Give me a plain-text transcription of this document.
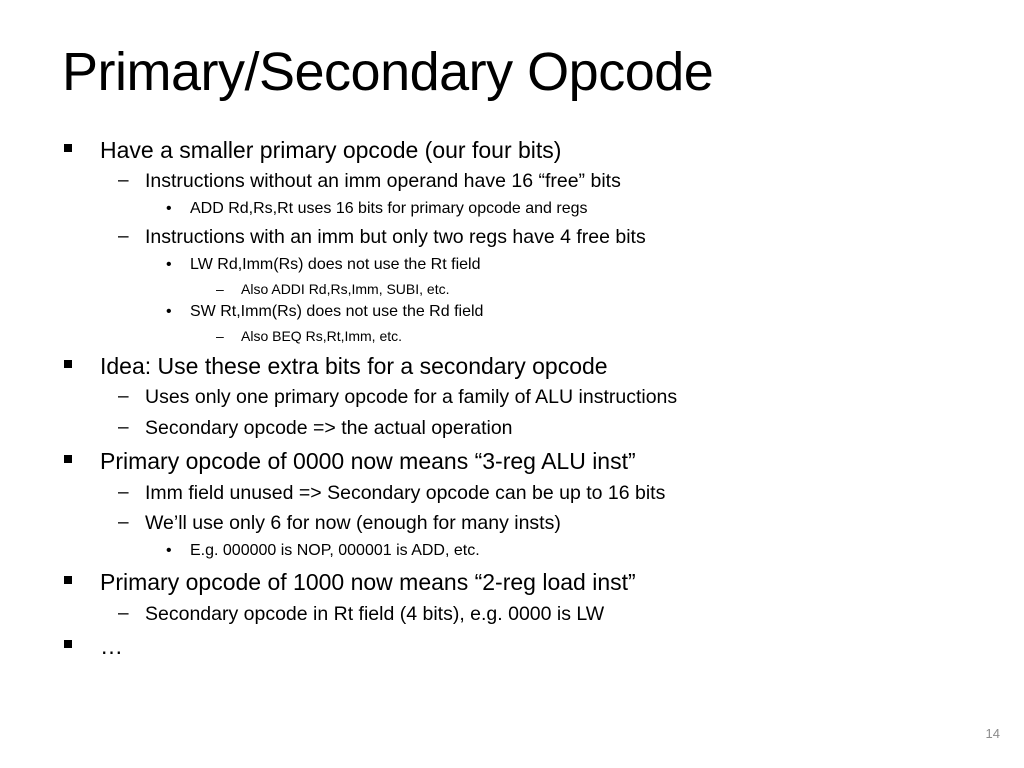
Primary/Secondary Opcode
Have a smaller primary opcode (our four bits)
– Instructions without an imm operand have 16 “free” bits
• ADD Rd,Rs,Rt uses 16 bits for primary opcode and regs
– Instructions with an imm but only two regs have 4 free bits
• LW Rd,Imm(Rs) does not use the Rt field
– Also ADDI Rd,Rs,Imm, SUBI, etc.
• SW Rt,Imm(Rs) does not use the Rd field
– Also BEQ Rs,Rt,Imm, etc.
Idea: Use these extra bits for a secondary opcode
– Uses only one primary opcode for a family of ALU instructions
– Secondary opcode => the actual operation
Primary opcode of 0000 now means “3-reg ALU inst”
– Imm field unused => Secondary opcode can be up to 16 bits
– We’ll use only 6 for now (enough for many insts)
• E.g. 000000 is NOP, 000001 is ADD, etc.
Primary opcode of 1000 now means “2-reg load inst”
– Secondary opcode in Rt field (4 bits), e.g. 0000 is LW
…
14
